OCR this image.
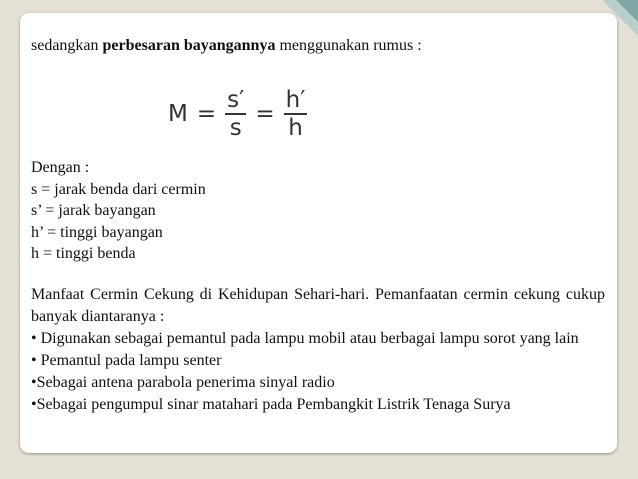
sedangkan perbesaran bayangannya menggunakan rumus :
$M = \frac{s'}{s} = \frac{h'}{h}$
Dengan :
s = jarak benda dari cermin
s’ = jarak bayangan
h’ = tinggi bayangan
h = tinggi benda
Manfaat Cermin Cekung di Kehidupan Sehari-hari. Pemanfaatan cermin cekung cukup banyak diantaranya :
• Digunakan sebagai pemantul pada lampu mobil atau berbagai lampu sorot yang lain
• Pemantul pada lampu senter
•Sebagai antena parabola penerima sinyal radio
•Sebagai pengumpul sinar matahari pada Pembangkit Listrik Tenaga Surya
